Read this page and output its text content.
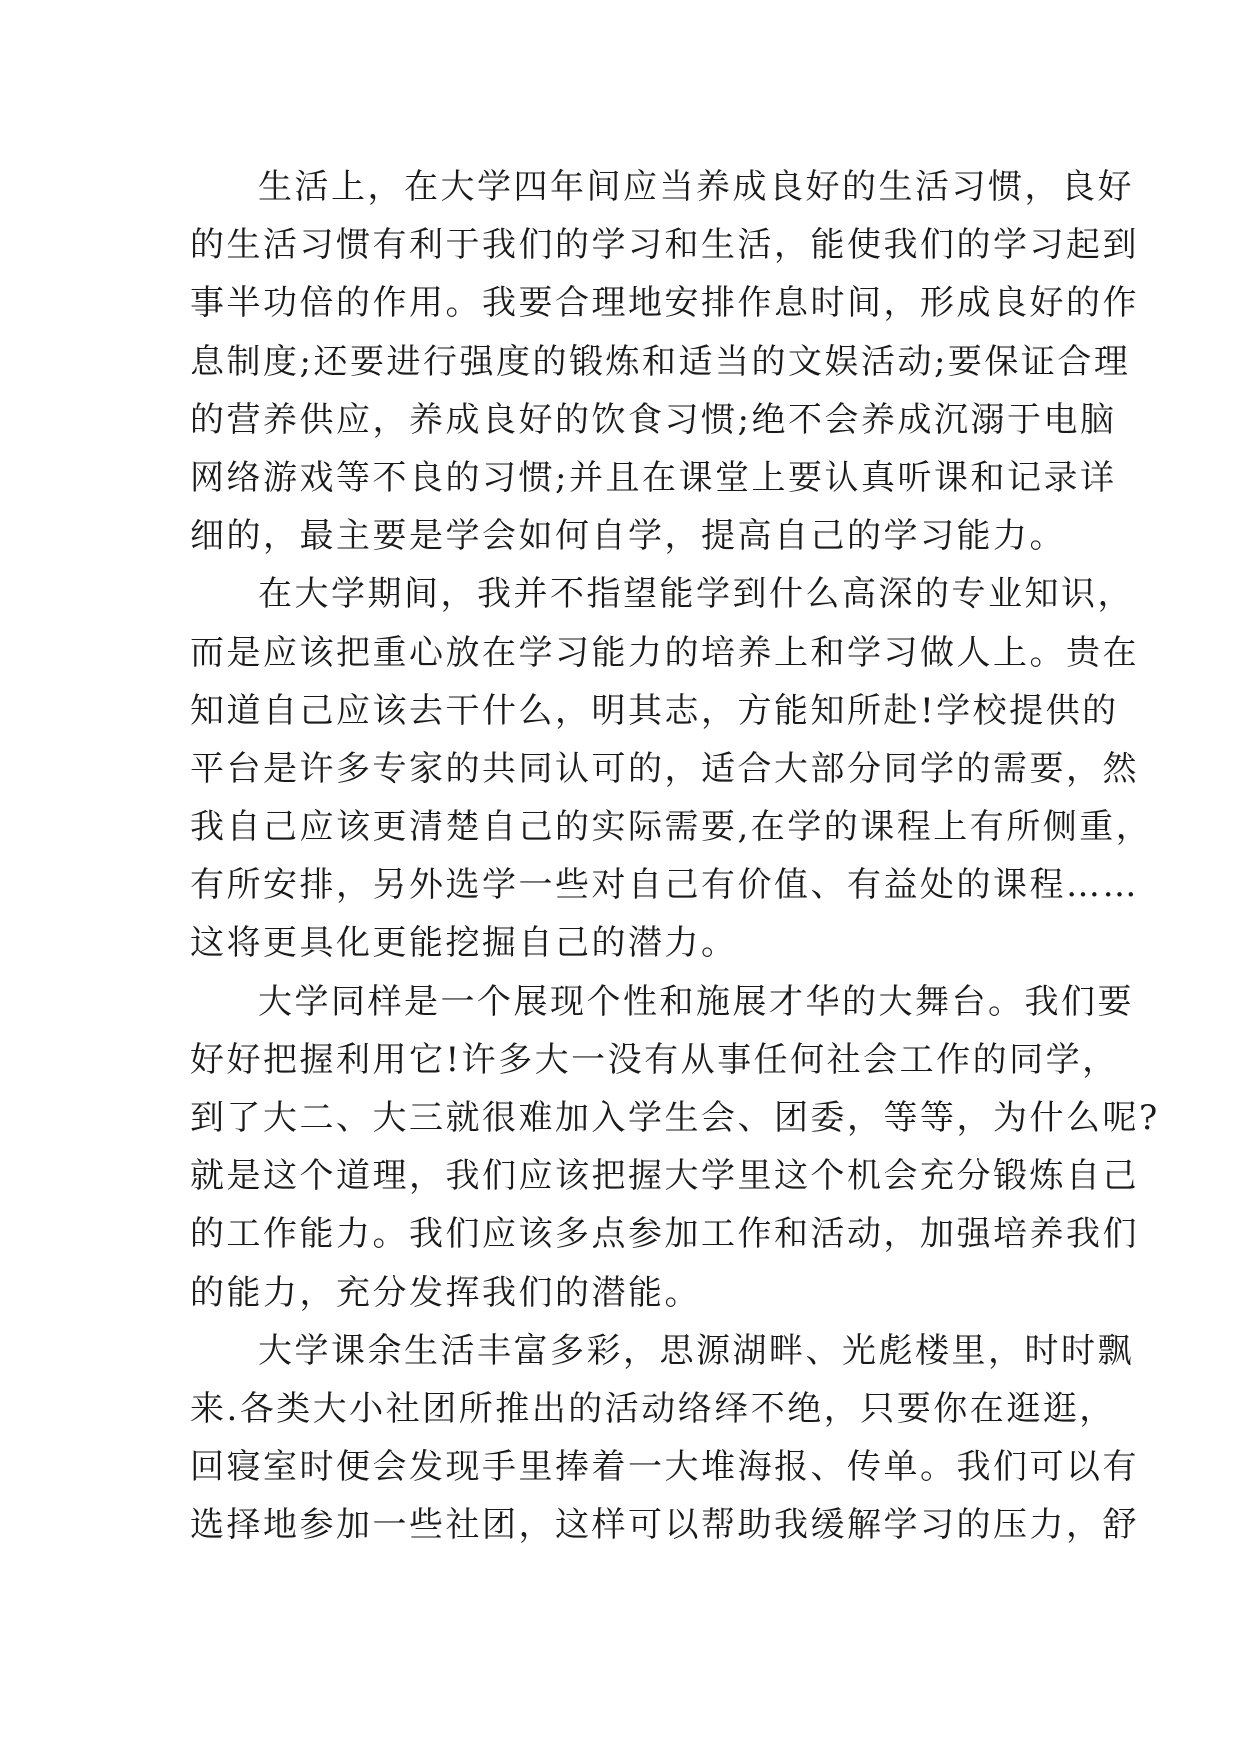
生活上，在大学四年间应当养成良好的生活习惯，良好
的生活习惯有利于我们的学习和生活，能使我们的学习起到
事半功倍的作用。我要合理地安排作息时间，形成良好的作
息制度;还要进行强度的锻炼和适当的文娱活动;要保证合理
的营养供应，养成良好的饮食习惯;绝不会养成沉溺于电脑
网络游戏等不良的习惯;并且在课堂上要认真听课和记录详
细的，最主要是学会如何自学，提高自己的学习能力。

在大学期间，我并不指望能学到什么高深的专业知识，
而是应该把重心放在学习能力的培养上和学习做人上。贵在
知道自己应该去干什么，明其志，方能知所赴!学校提供的
平台是许多专家的共同认可的，适合大部分同学的需要，然
我自己应该更清楚自己的实际需要,在学的课程上有所侧重，
有所安排，另外选学一些对自己有价值、有益处的课程……
这将更具化更能挖掘自己的潜力。

大学同样是一个展现个性和施展才华的大舞台。我们要
好好把握利用它!许多大一没有从事任何社会工作的同学，
到了大二、大三就很难加入学生会、团委，等等，为什么呢?
就是这个道理，我们应该把握大学里这个机会充分锻炼自己
的工作能力。我们应该多点参加工作和活动，加强培养我们
的能力，充分发挥我们的潜能。

大学课余生活丰富多彩，思源湖畔、光彪楼里，时时飘
来.各类大小社团所推出的活动络绎不绝，只要你在逛逛，
回寝室时便会发现手里捧着一大堆海报、传单。我们可以有
选择地参加一些社团，这样可以帮助我缓解学习的压力，舒
